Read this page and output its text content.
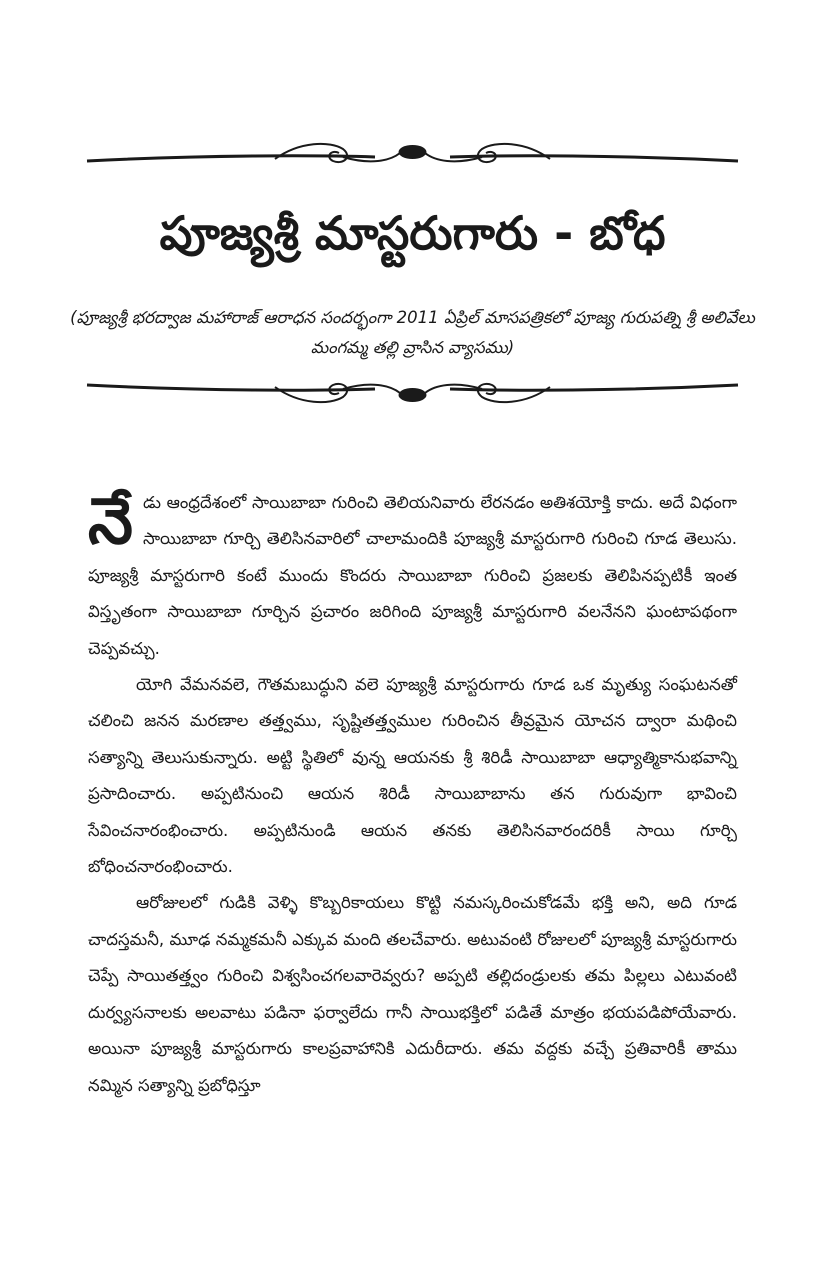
పూజ్యశ్రీ మాస్టరుగారు - బోధ
(పూజ్యశ్రీ భరద్వాజ మహారాజ్ ఆరాధన సందర్భంగా 2011 ఏప్రిల్ మాసపత్రికలో పూజ్య గురుపత్ని శ్రీ అలివేలు మంగమ్మ తల్లి వ్రాసిన వ్యాసము)

నేడు ఆంధ్రదేశంలో సాయిబాబా గురించి తెలియనివారు లేరనడం అతిశయోక్తి కాదు. అదే విధంగా సాయిబాబా గూర్చి తెలిసినవారిలో చాలామందికి పూజ్యశ్రీ మాస్టరుగారి గురించి గూడ తెలుసు. పూజ్యశ్రీ మాస్టరుగారి కంటే ముందు కొందరు సాయిబాబా గురించి ప్రజలకు తెలిపినప్పటికీ ఇంత విస్తృతంగా సాయిబాబా గూర్చిన ప్రచారం జరిగింది పూజ్యశ్రీ మాస్టరుగారి వలనేనని ఘంటాపథంగా చెప్పవచ్చు.

యోగి వేమనవలె, గౌతమబుద్ధుని వలె పూజ్యశ్రీ మాస్టరుగారు గూడ ఒక మృత్యు సంఘటనతో చలించి జనన మరణాల తత్త్వము, సృష్టితత్త్వముల గురించిన తీవ్రమైన యోచన ద్వారా మథించి సత్యాన్ని తెలుసుకున్నారు. అట్టి స్థితిలో వున్న ఆయనకు శ్రీ శిరిడీ సాయిబాబా ఆధ్యాత్మికానుభవాన్ని ప్రసాదించారు. అప్పటినుంచి ఆయన శిరిడీ సాయిబాబాను తన గురువుగా భావించి సేవించనారంభించారు. అప్పటినుండి ఆయన తనకు తెలిసినవారందరికీ సాయి గూర్చి బోధించనారంభించారు.

ఆరోజులలో గుడికి వెళ్ళి కొబ్బరికాయలు కొట్టి నమస్కరించుకోడమే భక్తి అని, అది గూడ చాదస్తమనీ, మూఢ నమ్మకమనీ ఎక్కువ మంది తలచేవారు. అటువంటి రోజులలో పూజ్యశ్రీ మాస్టరుగారు చెప్పే సాయితత్త్వం గురించి విశ్వసించగలవారెవ్వరు? అప్పటి తల్లిదండ్రులకు తమ పిల్లలు ఎటువంటి దుర్వ్యసనాలకు అలవాటు పడినా ఫర్వాలేదు గానీ సాయిభక్తిలో పడితే మాత్రం భయపడిపోయేవారు. అయినా పూజ్యశ్రీ మాస్టరుగారు కాలప్రవాహానికి ఎదురీదారు. తమ వద్దకు వచ్చే ప్రతివారికీ తాము నమ్మిన సత్యాన్ని ప్రబోధిస్తూ
